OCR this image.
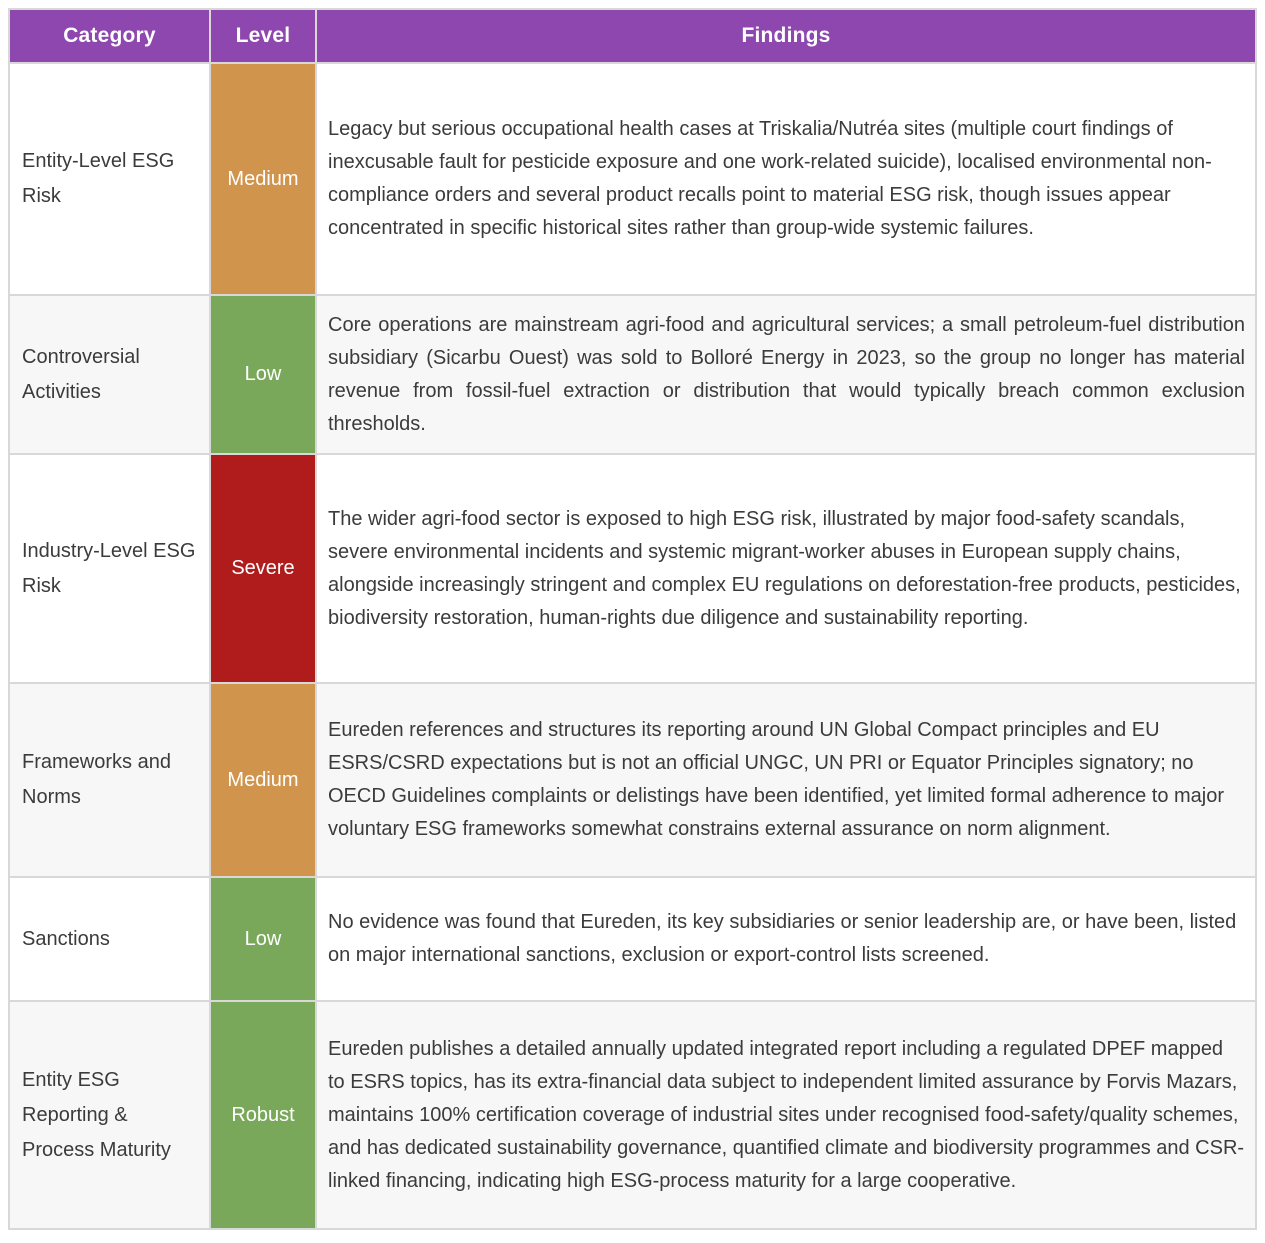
Category	Level	Findings
Entity-Level ESG Risk	Medium	Legacy but serious occupational health cases at Triskalia/Nutréa sites (multiple court findings of inexcusable fault for pesticide exposure and one work-related suicide), localised environmental non-compliance orders and several product recalls point to material ESG risk, though issues appear concentrated in specific historical sites rather than group-wide systemic failures.
Controversial Activities	Low	Core operations are mainstream agri-food and agricultural services; a small petroleum-fuel distribution subsidiary (Sicarbu Ouest) was sold to Bolloré Energy in 2023, so the group no longer has material revenue from fossil-fuel extraction or distribution that would typically breach common exclusion thresholds.
Industry-Level ESG Risk	Severe	The wider agri-food sector is exposed to high ESG risk, illustrated by major food-safety scandals, severe environmental incidents and systemic migrant-worker abuses in European supply chains, alongside increasingly stringent and complex EU regulations on deforestation-free products, pesticides, biodiversity restoration, human-rights due diligence and sustainability reporting.
Frameworks and Norms	Medium	Eureden references and structures its reporting around UN Global Compact principles and EU ESRS/CSRD expectations but is not an official UNGC, UN PRI or Equator Principles signatory; no OECD Guidelines complaints or delistings have been identified, yet limited formal adherence to major voluntary ESG frameworks somewhat constrains external assurance on norm alignment.
Sanctions	Low	No evidence was found that Eureden, its key subsidiaries or senior leadership are, or have been, listed on major international sanctions, exclusion or export-control lists screened.
Entity ESG Reporting & Process Maturity	Robust	Eureden publishes a detailed annually updated integrated report including a regulated DPEF mapped to ESRS topics, has its extra-financial data subject to independent limited assurance by Forvis Mazars, maintains 100% certification coverage of industrial sites under recognised food-safety/quality schemes, and has dedicated sustainability governance, quantified climate and biodiversity programmes and CSR-linked financing, indicating high ESG-process maturity for a large cooperative.
